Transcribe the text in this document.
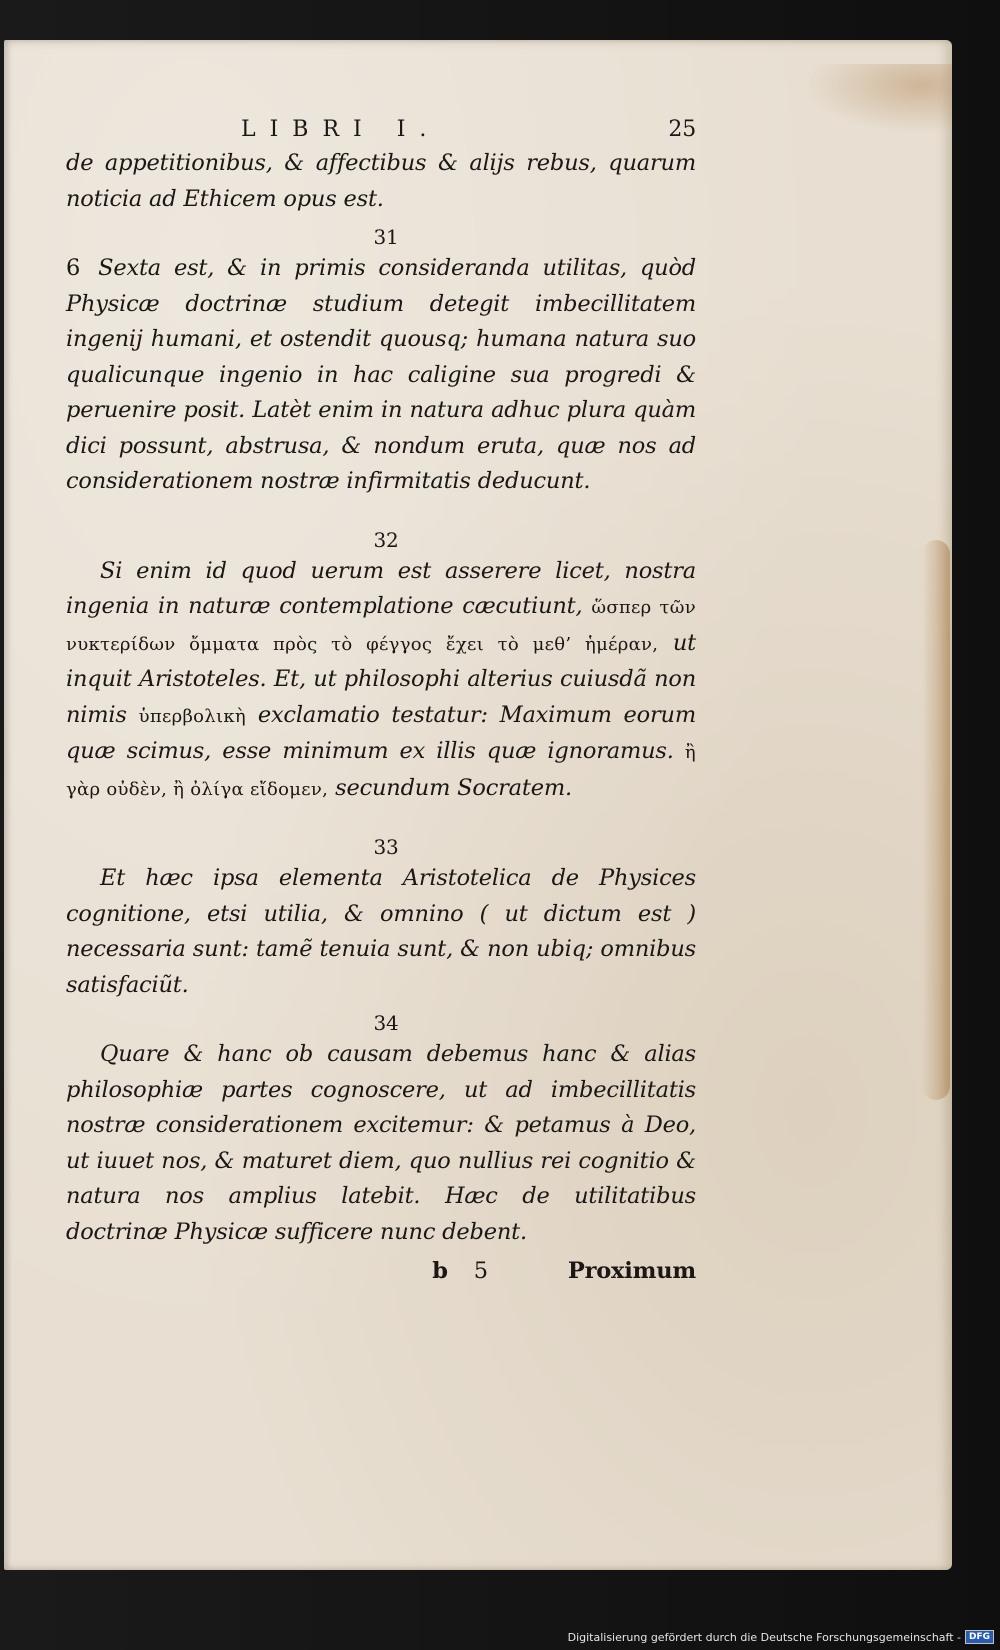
LIBRI I.	25

de appetitionibus, & affectibus & alijs rebus, quarum noticia ad Ethicem opus est.

31

6 Sexta est, & in primis consideranda utilitas, quòd Physicæ doctrinæ studium detegit imbecillitatem ingenij humani, et ostendit quousq; humana natura suo qualicunque ingenio in hac caligine sua progredi & peruenire posit. Latèt enim in natura adhuc plura quàm dici possunt, abstrusa, & nondum eruta, quæ nos ad considerationem nostræ infirmitatis deducunt.

32

Si enim id quod uerum est asserere licet, nostra ingenia in naturæ contemplatione cæcutiunt, ὥσπερ τῶν νυκτερίδων ὄμματα πρὸς τὸ φέγγος ἔχει τὸ μεθ’ ἡμέραν, ut inquit Aristoteles. Et, ut philosophi alterius cuiusdã non nimis ὑπερβολικὴ exclamatio testatur: Maximum eorum quæ scimus, esse minimum ex illis quæ ignoramus. ἢ γὰρ οὐδὲν, ἢ ὀλίγα εἴδομεν, secundum Socratem.

33

Et hæc ipsa elementa Aristotelica de Physices cognitione, etsi utilia, & omnino ( ut dictum est ) necessaria sunt: tamẽ tenuia sunt, & non ubiq; omnibus satisfaciũt.

34

Quare & hanc ob causam debemus hanc & alias philosophiæ partes cognoscere, ut ad imbecillitatis nostræ considerationem excitemur: & petamus à Deo, ut iuuet nos, & maturet diem, quo nullius rei cognitio & natura nos amplius latebit. Hæc de utilitatibus doctrinæ Physicæ sufficere nunc debent.

b 5	Proximum
Digitalisierung gefördert durch die Deutsche Forschungsgemeinschaft - DFG
